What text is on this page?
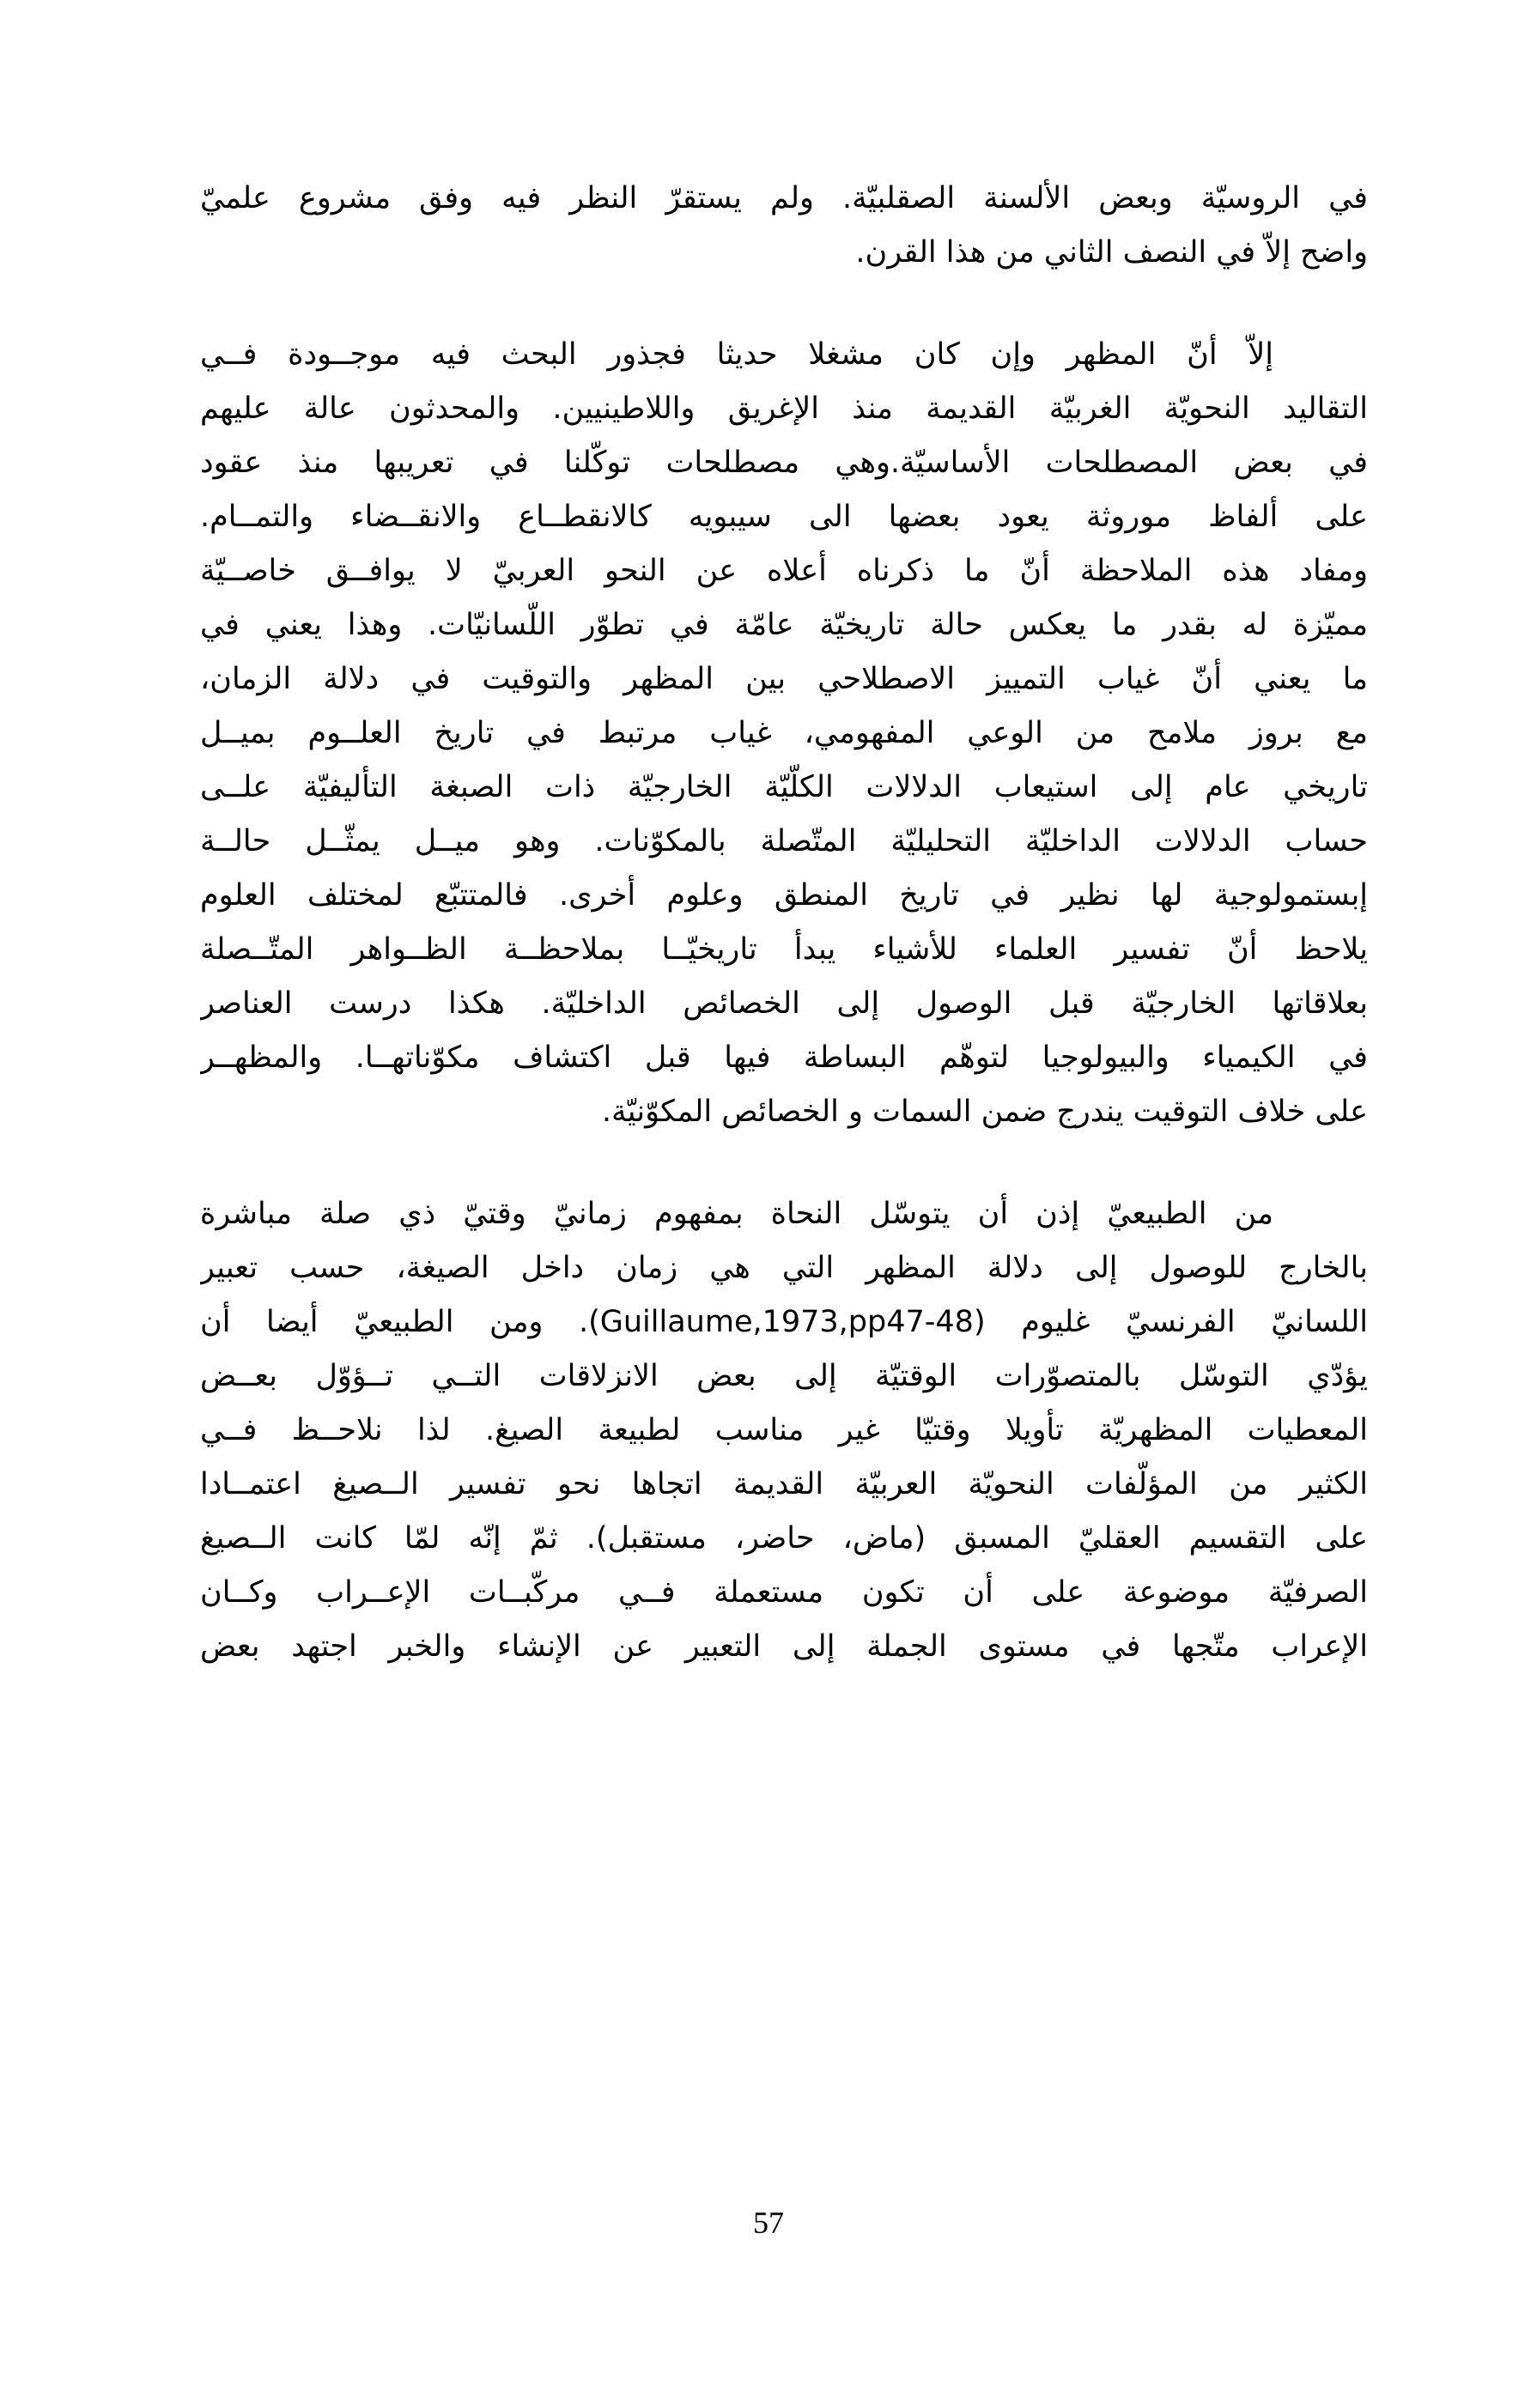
في الروسيّة وبعض الألسنة الصقلبيّة. ولم يستقرّ النظر فيه وفق مشروع علميّ
واضح إلاّ في النصف الثاني من هذا القرن.
إلاّ أنّ المظهر وإن كان مشغلا حديثا فجذور البحث فيه موجــودة فــي
التقاليد النحويّة الغربيّة القديمة منذ الإغريق واللاطينيين. والمحدثون عالة عليهم
في بعض المصطلحات الأساسيّة.وهي مصطلحات توكّلنا في تعريبها منذ عقود
على ألفاظ موروثة يعود بعضها الى سيبويه كالانقطــاع والانقــضاء والتمــام.
ومفاد هذه الملاحظة أنّ ما ذكرناه أعلاه عن النحو العربيّ لا يوافــق خاصــيّة
مميّزة له بقدر ما يعكس حالة تاريخيّة عامّة في تطوّر اللّسانيّات. وهذا يعني في
ما يعني أنّ غياب التمييز الاصطلاحي بين المظهر والتوقيت في دلالة الزمان،
مع بروز ملامح من الوعي المفهومي، غياب مرتبط في تاريخ العلــوم بميــل
تاريخي عام إلى استيعاب الدلالات الكلّيّة الخارجيّة ذات الصبغة التأليفيّة علــى
حساب الدلالات الداخليّة التحليليّة المتّصلة بالمكوّنات. وهو ميــل يمثّــل حالــة
إبستمولوجية لها نظير في تاريخ المنطق وعلوم أخرى. فالمتتبّع لمختلف العلوم
يلاحظ أنّ تفسير العلماء للأشياء يبدأ تاريخيّــا بملاحظــة الظــواهر المتّــصلة
بعلاقاتها الخارجيّة قبل الوصول إلى الخصائص الداخليّة. هكذا درست العناصر
في الكيمياء والبيولوجيا لتوهّم البساطة فيها قبل اكتشاف مكوّناتهــا. والمظهــر
على خلاف التوقيت يندرج ضمن السمات و الخصائص المكوّنيّة.
من الطبيعيّ إذن أن يتوسّل النحاة بمفهوم زمانيّ وقتيّ ذي صلة مباشرة
بالخارج للوصول إلى دلالة المظهر التي هي زمان داخل الصيغة، حسب تعبير
اللسانيّ الفرنسيّ غليوم (Guillaume,1973,pp47-48). ومن الطبيعيّ أيضا أن
يؤدّي التوسّل بالمتصوّرات الوقتيّة إلى بعض الانزلاقات التــي تــؤوّل بعــض
المعطيات المظهريّة تأويلا وقتيّا غير مناسب لطبيعة الصيغ. لذا نلاحــظ فــي
الكثير من المؤلّفات النحويّة العربيّة القديمة اتجاها نحو تفسير الــصيغ اعتمــادا
على التقسيم العقليّ المسبق (ماض، حاضر، مستقبل). ثمّ إنّه لمّا كانت الــصيغ
الصرفيّة موضوعة على أن تكون مستعملة فــي مركّبــات الإعــراب وكــان
الإعراب متّجها في مستوى الجملة إلى التعبير عن الإنشاء والخبر اجتهد بعض
57
